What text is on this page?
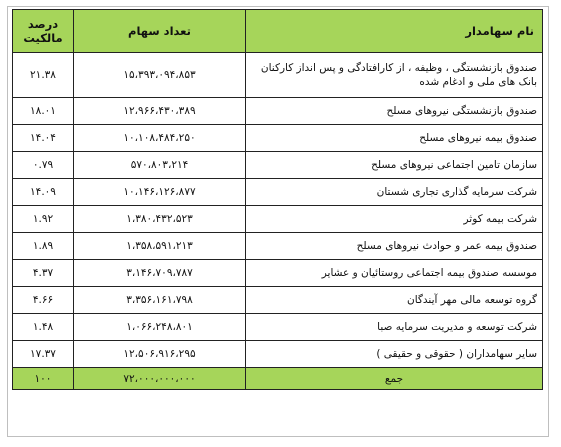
نام سهامدار	تعداد سهام	درصد مالکیت
صندوق بازنشستگی ، وظیفه ، از کارافتادگی و پس انداز کارکنان بانک های ملی و ادغام شده	۱۵،۳۹۳،۰۹۴،۸۵۳	۲۱.۳۸
صندوق بازنشستگی نیروهای مسلح	۱۲،۹۶۶،۴۳۰،۳۸۹	۱۸.۰۱
صندوق بیمه نیروهای مسلح	۱۰،۱۰۸،۴۸۴،۲۵۰	۱۴.۰۴
سازمان تامین اجتماعی نیروهای مسلح	۵۷۰،۸۰۳،۲۱۴	۰.۷۹
شرکت سرمایه گذاری تجاری شستان	۱۰،۱۴۶،۱۲۶،۸۷۷	۱۴.۰۹
شرکت بیمه کوثر	۱،۳۸۰،۴۳۲،۵۲۳	۱.۹۲
صندوق بیمه عمر و حوادث نیروهای مسلح	۱،۳۵۸،۵۹۱،۲۱۳	۱.۸۹
موسسه صندوق بیمه اجتماعی روستائیان و عشایر	۳،۱۴۶،۷۰۹،۷۸۷	۴.۳۷
گروه توسعه مالی مهر آیندگان	۳،۳۵۶،۱۶۱،۷۹۸	۴.۶۶
شرکت توسعه و مدیریت سرمایه صبا	۱،۰۶۶،۲۴۸،۸۰۱	۱.۴۸
سایر سهامداران ( حقوقی و حقیقی )	۱۲،۵۰۶،۹۱۶،۲۹۵	۱۷.۳۷
جمع	۷۲،۰۰۰،۰۰۰،۰۰۰	۱۰۰
